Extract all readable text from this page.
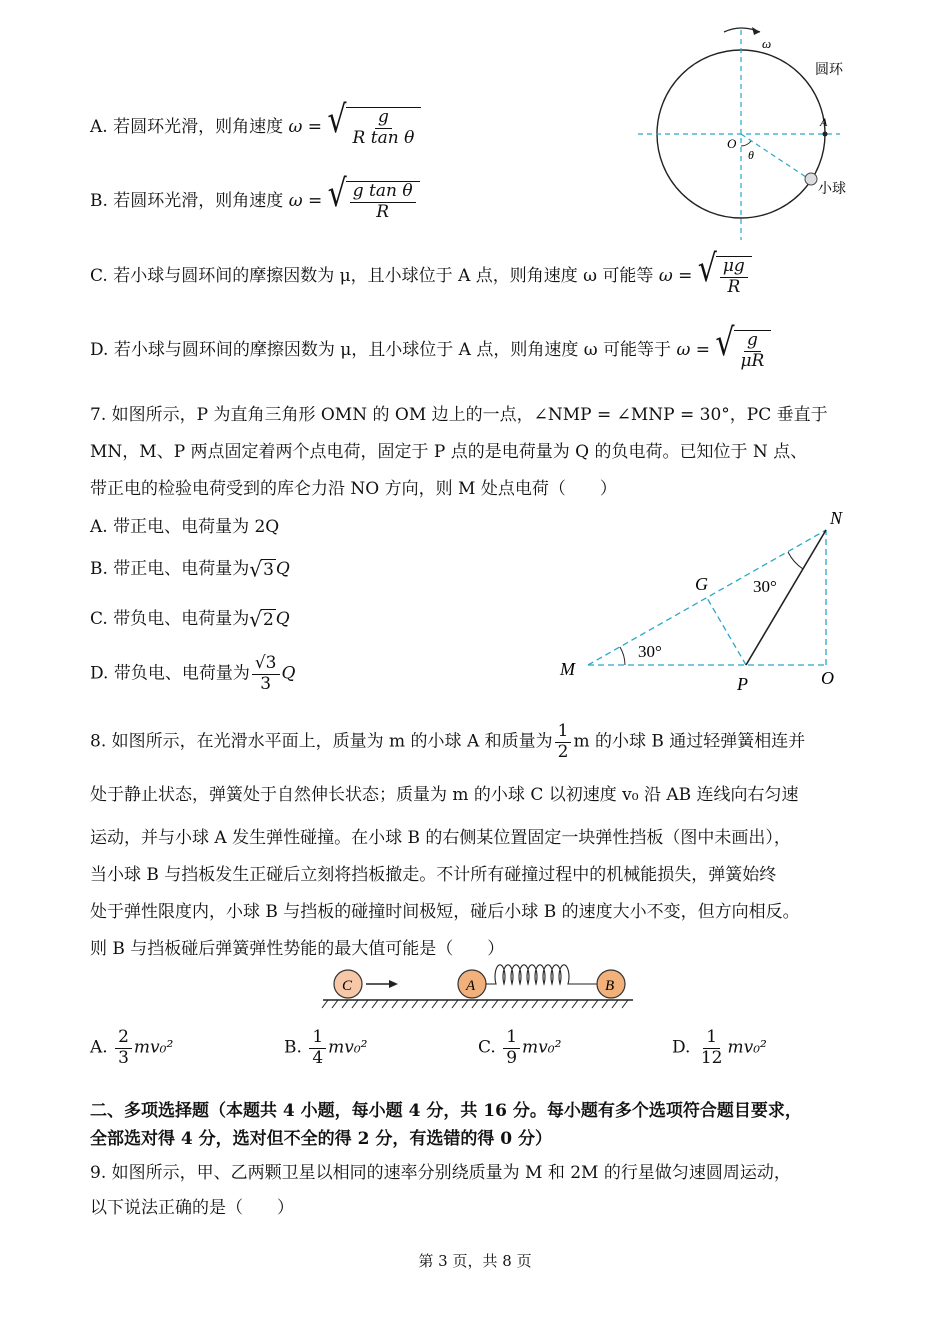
A. 若圆环光滑，则角速度 ω = √ $\frac{g}{\text{R tan θ}}$
B. 若圆环光滑，则角速度 ω = √ $\frac{\text{g tan θ}}{R}$
C. 若小球与圆环间的摩擦因数为 μ，且小球位于 A 点，则角速度 ω 可能等 ω = √ $\frac{\mu g}{R}$
D. 若小球与圆环间的摩擦因数为 μ，且小球位于 A 点，则角速度 ω 可能等于 ω = √ $\frac{g}{\mu R}$
ω
圆环
A
O
θ
小球
7. 如图所示，P 为直角三角形 OMN 的 OM 边上的一点，∠NMP = ∠MNP = 30°，PC 垂直于
MN，M、P 两点固定着两个点电荷，固定于 P 点的是电荷量为 Q 的负电荷。已知位于 N 点、
带正电的检验电荷受到的库仑力沿 NO 方向，则 M 处点电荷（　　）
A. 带正电、电荷量为 2Q
B. 带正电、电荷量为 √ 3 Q
C. 带负电、电荷量为 √ 2 Q
D. 带负电、电荷量为 $\frac{√3}{3}$ Q
N
G
M
P	O
30°
30°
8. 如图所示，在光滑水平面上，质量为 m 的小球 A 和质量为 $\frac{1}{2}$ m 的小球 B 通过轻弹簧相连并
处于静止状态，弹簧处于自然伸长状态；质量为 m 的小球 C 以初速度 v₀ 沿 AB 连线向右匀速
运动，并与小球 A 发生弹性碰撞。在小球 B 的右侧某位置固定一块弹性挡板（图中未画出），
当小球 B 与挡板发生正碰后立刻将挡板撤走。不计所有碰撞过程中的机械能损失，弹簧始终
处于弹性限度内，小球 B 与挡板的碰撞时间极短，碰后小球 B 的速度大小不变，但方向相反。
则 B 与挡板碰后弹簧弹性势能的最大值可能是（　　）
C	A	B
A. $\frac{2}{3} mv_0^2$	B. $\frac{1}{4} mv_0^2$	C. $\frac{1}{9} mv_0^2$	D. $\frac{1}{12} mv_0^2$
二、多项选择题（本题共 4 小题，每小题 4 分，共 16 分。每小题有多个选项符合题目要求，
全部选对得 4 分，选对但不全的得 2 分，有选错的得 0 分）
9. 如图所示，甲、乙两颗卫星以相同的速率分别绕质量为 M 和 2M 的行星做匀速圆周运动，
以下说法正确的是（　　）
第 3 页，共 8 页
